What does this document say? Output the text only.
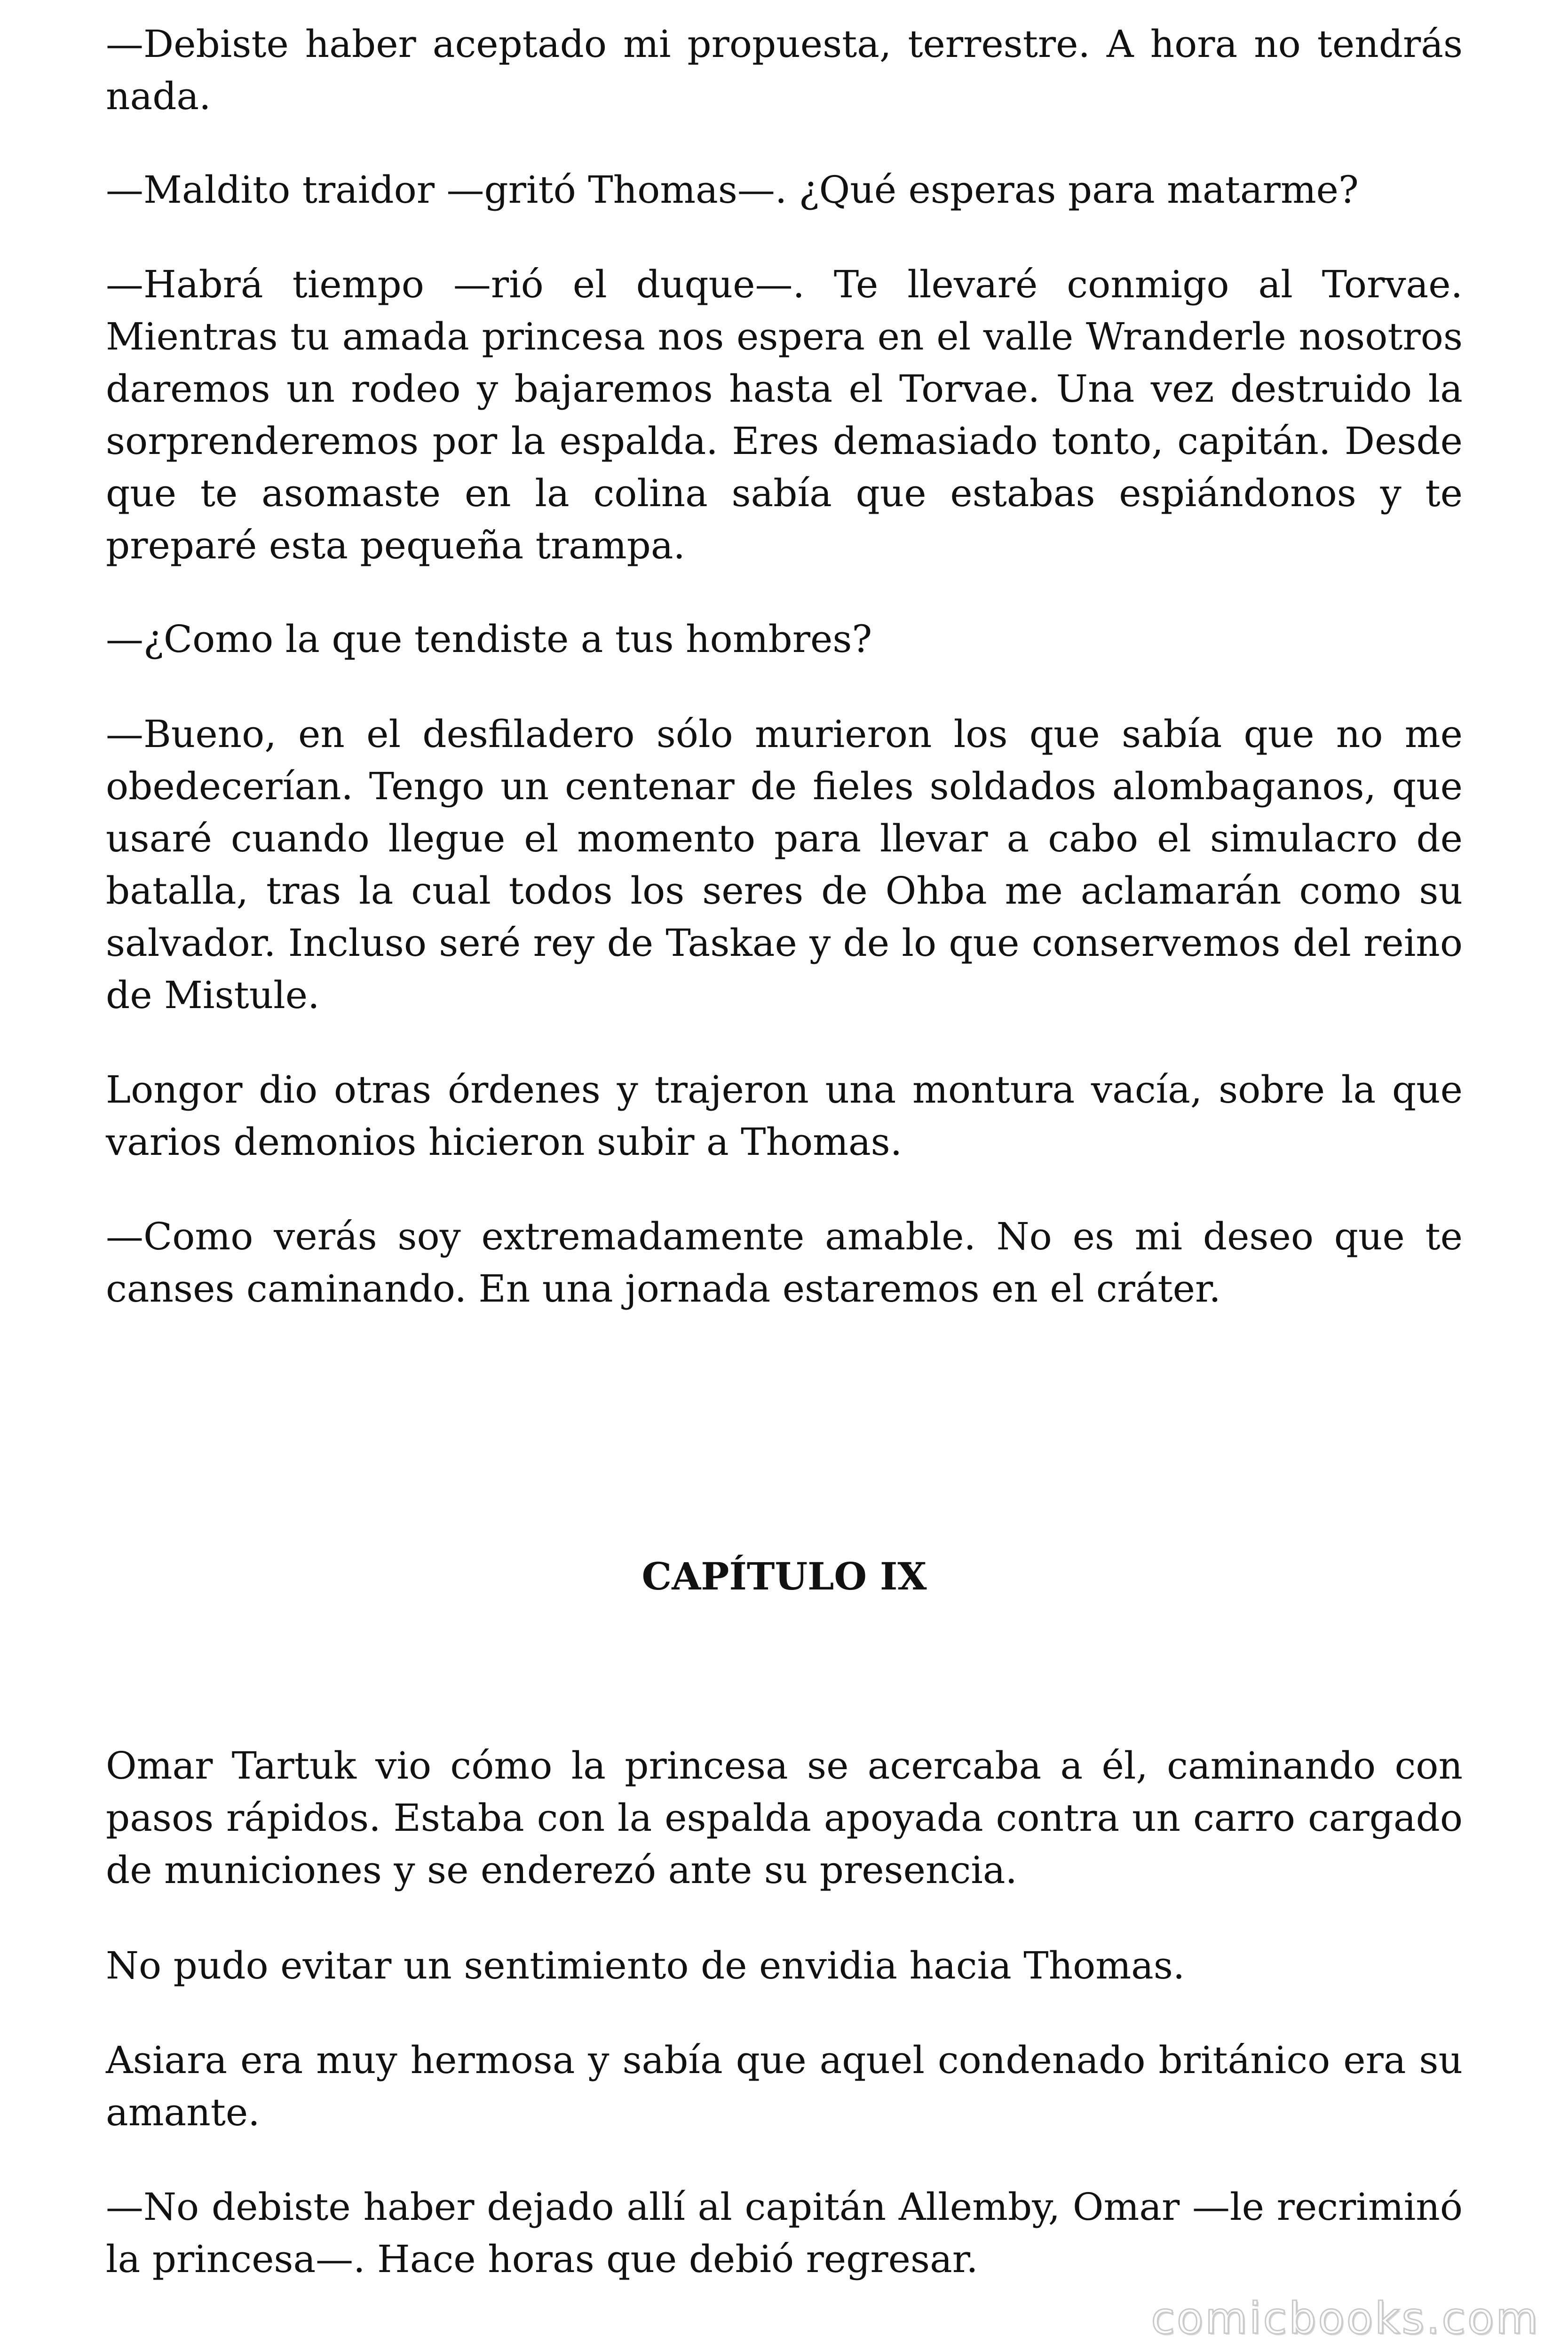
—Debiste haber aceptado mi propuesta, terrestre. A hora no tendrás nada.

—Maldito traidor —gritó Thomas—. ¿Qué esperas para matarme?

—Habrá tiempo —rió el duque—. Te llevaré conmigo al Torvae. Mientras tu amada princesa nos espera en el valle Wranderle nosotros daremos un rodeo y bajaremos hasta el Torvae. Una vez destruido la sorprenderemos por la espalda. Eres demasiado tonto, capitán. Desde que te asomaste en la colina sabía que estabas espiándonos y te preparé esta pequeña trampa.

—¿Como la que tendiste a tus hombres?

—Bueno, en el desfiladero sólo murieron los que sabía que no me obedecerían. Tengo un centenar de fieles soldados alombaganos, que usaré cuando llegue el momento para llevar a cabo el simulacro de batalla, tras la cual todos los seres de Ohba me aclamarán como su salvador. Incluso seré rey de Taskae y de lo que conservemos del reino de Mistule.

Longor dio otras órdenes y trajeron una montura vacía, sobre la que varios demonios hicieron subir a Thomas.

—Como verás soy extremadamente amable. No es mi deseo que te canses caminando. En una jornada estaremos en el cráter.

CAPÍTULO IX

Omar Tartuk vio cómo la princesa se acercaba a él, caminando con pasos rápidos. Estaba con la espalda apoyada contra un carro cargado de municiones y se enderezó ante su presencia.

No pudo evitar un sentimiento de envidia hacia Thomas.

Asiara era muy hermosa y sabía que aquel condenado británico era su amante.

—No debiste haber dejado allí al capitán Allemby, Omar —le recriminó la princesa—. Hace horas que debió regresar.

comicbooks.com
